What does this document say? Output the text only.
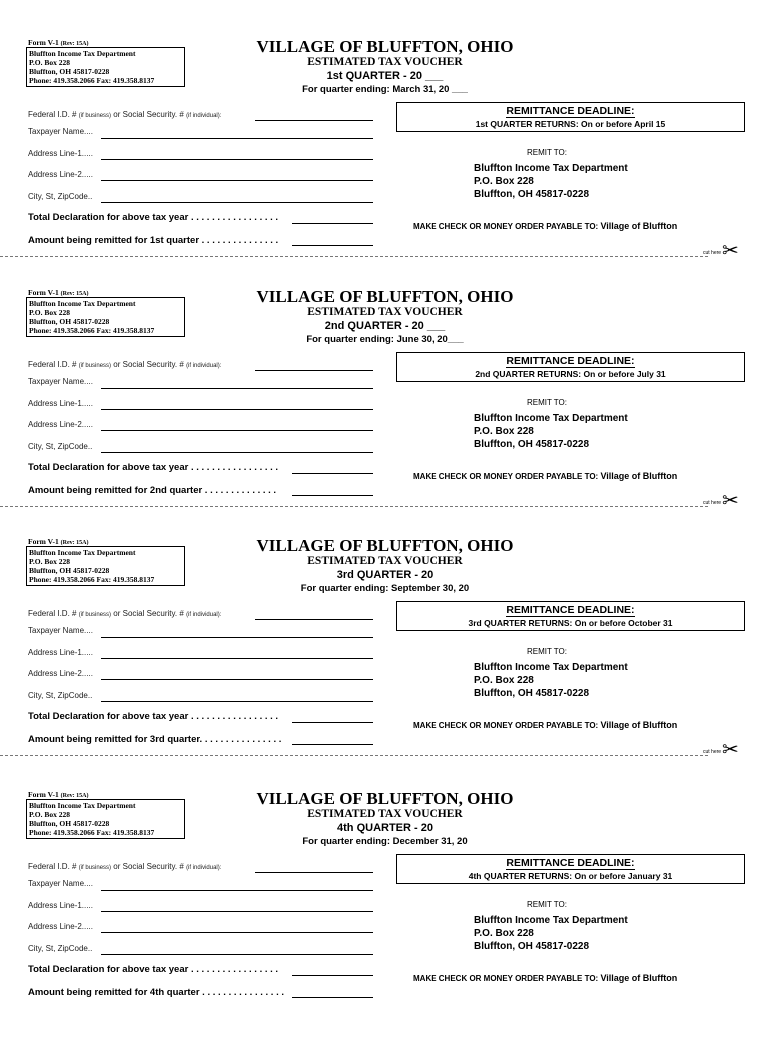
Form V-1 (Rev: 15A)
Bluffton Income Tax Department
P.O. Box 228
Bluffton, OH 45817-0228
Phone: 419.358.2066 Fax: 419.358.8137
VILLAGE OF BLUFFTON, OHIO
ESTIMATED TAX VOUCHER
1st QUARTER - 20 ___
For quarter ending: March 31, 20 ___
Federal I.D. # (if business) or Social Security. # (if individual):
Taxpayer Name....
Address Line-1.....
Address Line-2.....
City, St, ZipCode..
Total Declaration for above tax year . . . . . . . . . . . . . . . . .
Amount being remitted for 1st quarter . . . . . . . . . . . . . . .
REMITTANCE DEADLINE:
1st QUARTER RETURNS: On or before April 15
REMIT TO:
Bluffton Income Tax Department
P.O. Box 228
Bluffton, OH 45817-0228
MAKE CHECK OR MONEY ORDER PAYABLE TO: Village of Bluffton
cut here ✂
Form V-1 (Rev: 15A)
Bluffton Income Tax Department
P.O. Box 228
Bluffton, OH 45817-0228
Phone: 419.358.2066 Fax: 419.358.8137
VILLAGE OF BLUFFTON, OHIO
ESTIMATED TAX VOUCHER
2nd QUARTER - 20 ___
For quarter ending: June 30, 20___
Federal I.D. # (if business) or Social Security. # (if individual):
Taxpayer Name....
Address Line-1.....
Address Line-2.....
City, St, ZipCode..
Total Declaration for above tax year . . . . . . . . . . . . . . . . .
Amount being remitted for 2nd quarter . . . . . . . . . . . . . .
REMITTANCE DEADLINE:
2nd QUARTER RETURNS: On or before July 31
REMIT TO:
Bluffton Income Tax Department
P.O. Box 228
Bluffton, OH 45817-0228
MAKE CHECK OR MONEY ORDER PAYABLE TO: Village of Bluffton
cut here ✂
Form V-1 (Rev: 15A)
Bluffton Income Tax Department
P.O. Box 228
Bluffton, OH 45817-0228
Phone: 419.358.2066 Fax: 419.358.8137
VILLAGE OF BLUFFTON, OHIO
ESTIMATED TAX VOUCHER
3rd QUARTER - 20
For quarter ending: September 30, 20
Federal I.D. # (if business) or Social Security. # (if individual):
Taxpayer Name....
Address Line-1.....
Address Line-2.....
City, St, ZipCode..
Total Declaration for above tax year . . . . . . . . . . . . . . . . .
Amount being remitted for 3rd quarter. . . . . . . . . . . . . . . .
REMITTANCE DEADLINE:
3rd QUARTER RETURNS: On or before October 31
REMIT TO:
Bluffton Income Tax Department
P.O. Box 228
Bluffton, OH 45817-0228
MAKE CHECK OR MONEY ORDER PAYABLE TO: Village of Bluffton
cut here ✂
Form V-1 (Rev: 15A)
Bluffton Income Tax Department
P.O. Box 228
Bluffton, OH 45817-0228
Phone: 419.358.2066 Fax: 419.358.8137
VILLAGE OF BLUFFTON, OHIO
ESTIMATED TAX VOUCHER
4th QUARTER - 20
For quarter ending: December 31, 20
Federal I.D. # (if business) or Social Security. # (if individual):
Taxpayer Name....
Address Line-1.....
Address Line-2.....
City, St, ZipCode..
Total Declaration for above tax year . . . . . . . . . . . . . . . . .
Amount being remitted for 4th quarter . . . . . . . . . . . . . . . .
REMITTANCE DEADLINE:
4th QUARTER RETURNS: On or before January 31
REMIT TO:
Bluffton Income Tax Department
P.O. Box 228
Bluffton, OH 45817-0228
MAKE CHECK OR MONEY ORDER PAYABLE TO: Village of Bluffton
